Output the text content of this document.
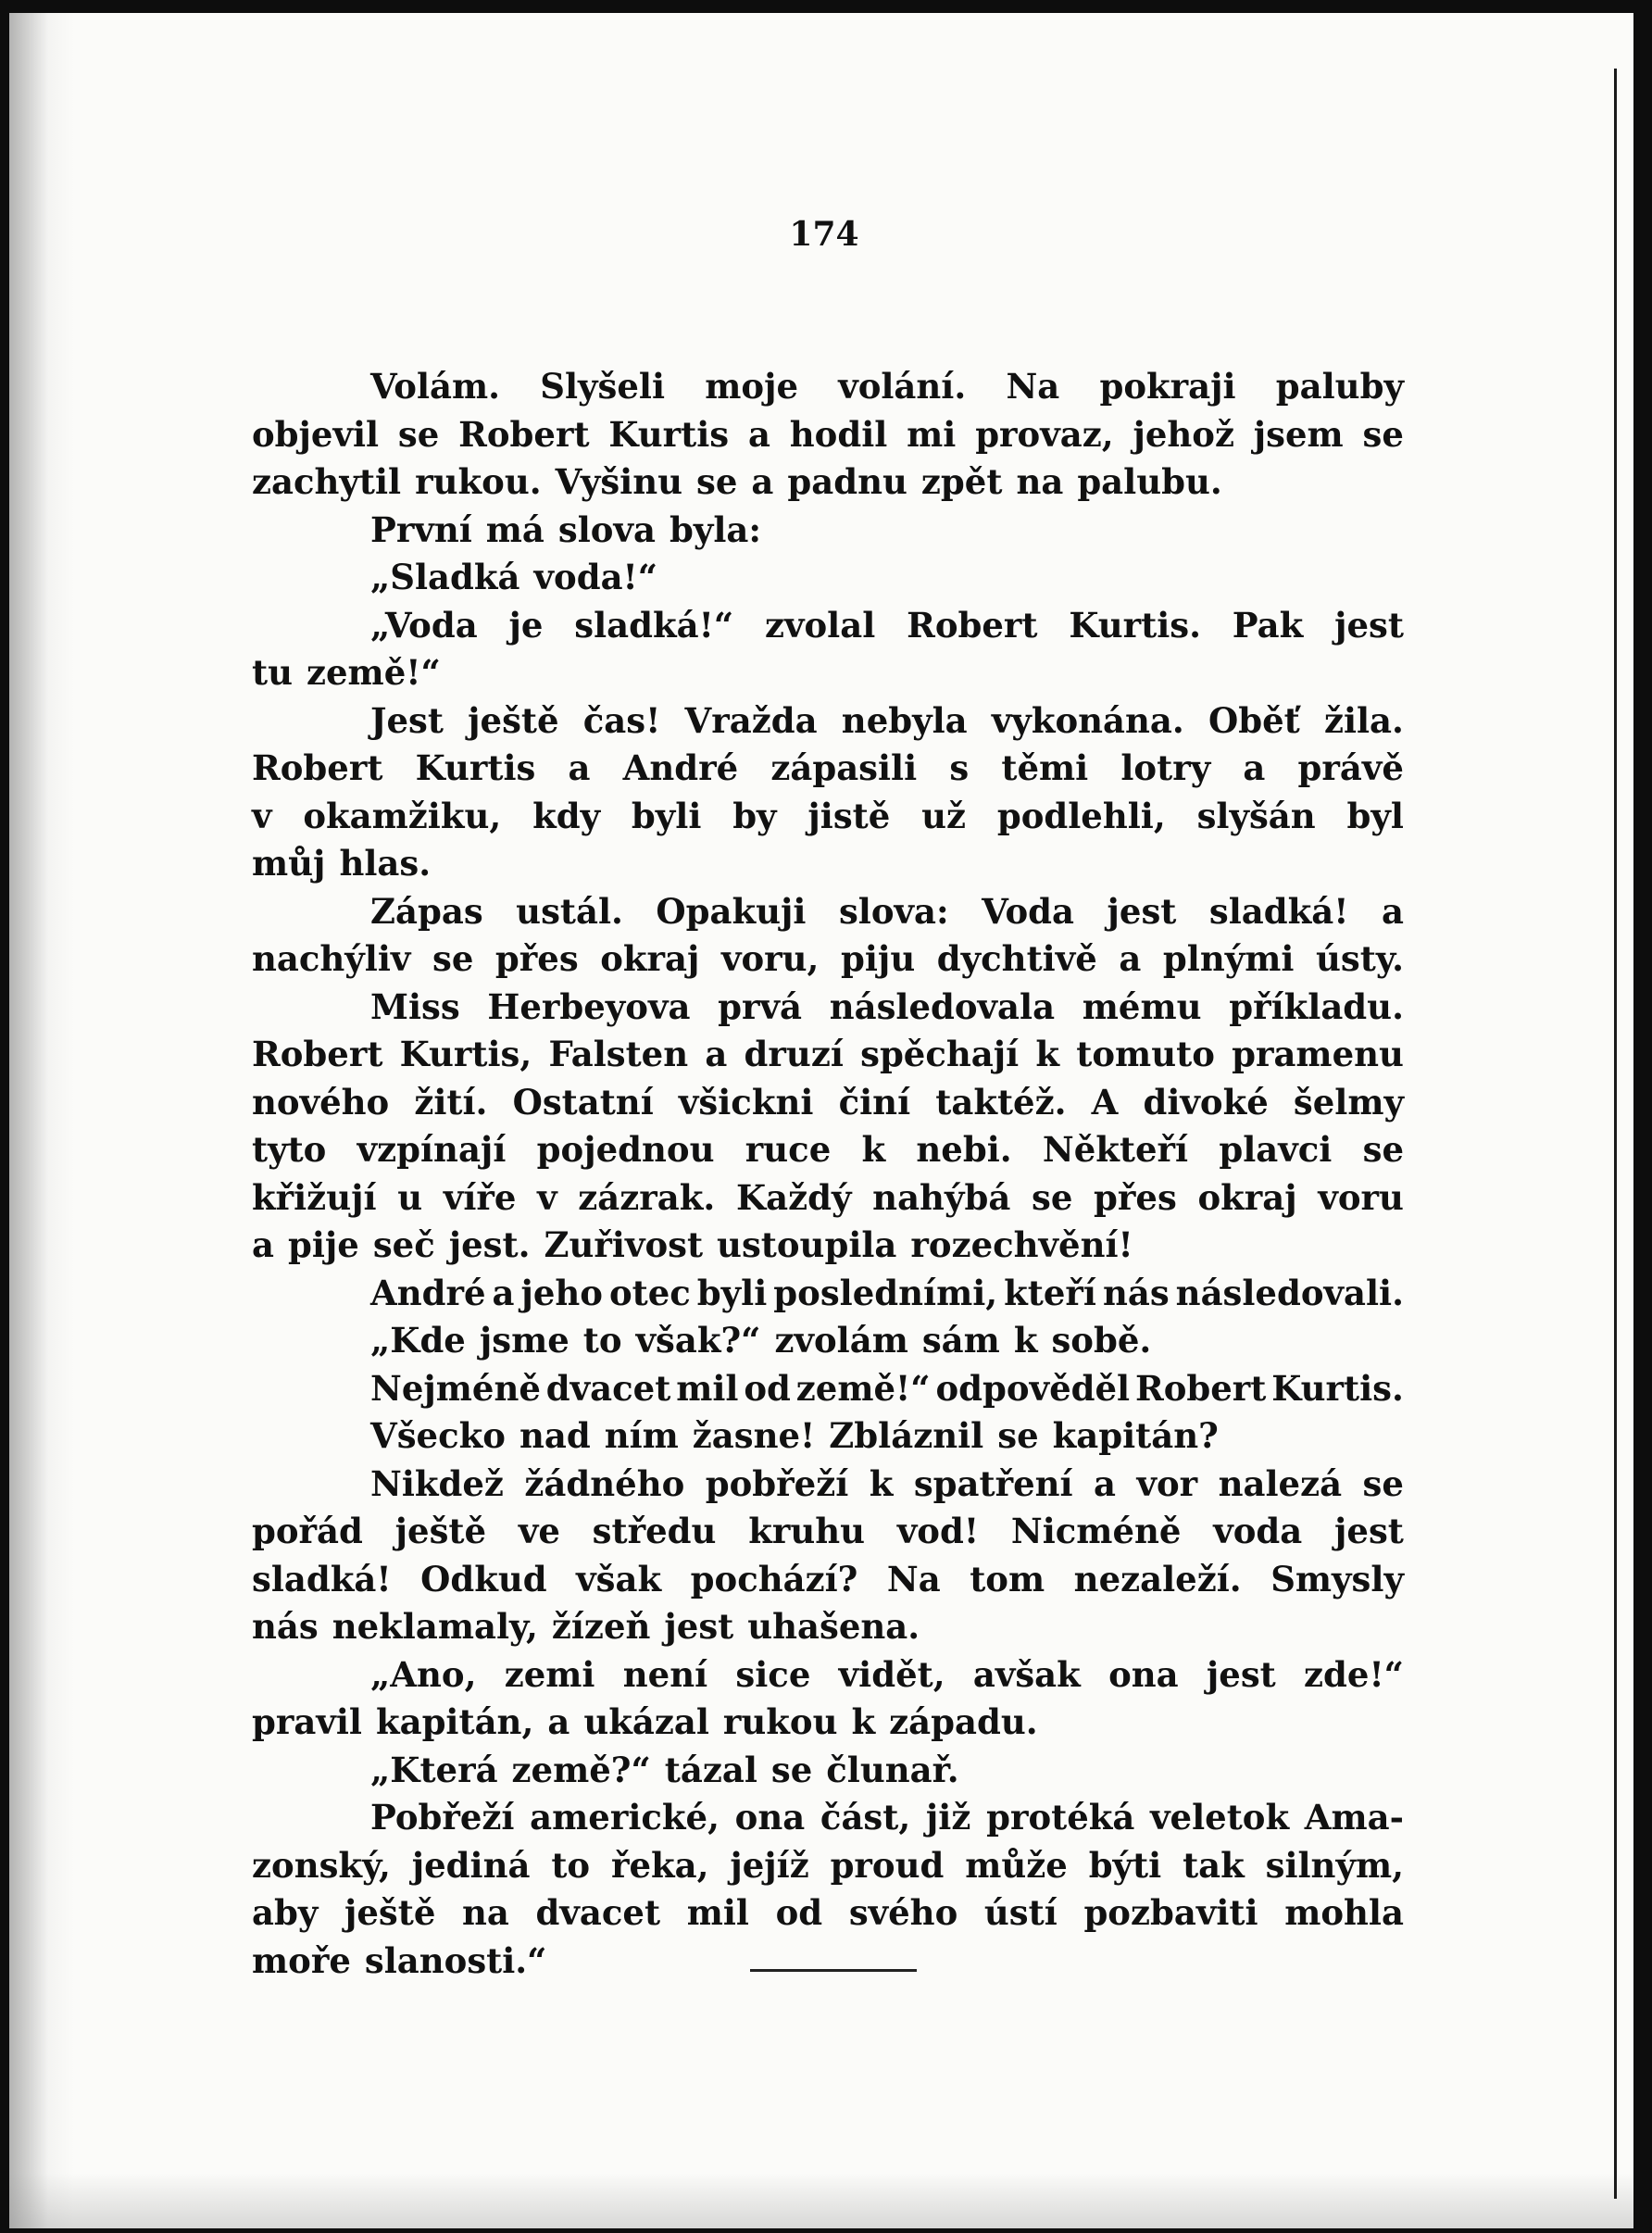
174
Volám. Slyšeli moje volání. Na pokraji paluby
objevil se Robert Kurtis a hodil mi provaz, jehož jsem se
zachytil rukou. Vyšinu se a padnu zpět na palubu.
První má slova byla:
„Sladká voda!“
„Voda je sladká!“ zvolal Robert Kurtis. Pak jest
tu země!“
Jest ještě čas! Vražda nebyla vykonána. Oběť žila.
Robert Kurtis a André zápasili s těmi lotry a právě
v okamžiku, kdy byli by jistě už podlehli, slyšán byl
můj hlas.
Zápas ustál. Opakuji slova: Voda jest sladká! a
nachýliv se přes okraj voru, piju dychtivě a plnými ústy.
Miss Herbeyova prvá následovala mému příkladu.
Robert Kurtis, Falsten a druzí spěchají k tomuto pramenu
nového žití. Ostatní všickni činí taktéž. A divoké šelmy
tyto vzpínají pojednou ruce k nebi. Někteří plavci se
křižují u víře v zázrak. Každý nahýbá se přes okraj voru
a pije seč jest. Zuřivost ustoupila rozechvění!
André a jeho otec byli posledními, kteří nás následovali.
„Kde jsme to však?“ zvolám sám k sobě.
Nejméně dvacet mil od země!“ odpověděl Robert Kurtis.
Všecko nad ním žasne! Zbláznil se kapitán?
Nikdež žádného pobřeží k spatření a vor nalezá se
pořád ještě ve středu kruhu vod! Nicméně voda jest
sladká! Odkud však pochází? Na tom nezaleží. Smysly
nás neklamaly, žízeň jest uhašena.
„Ano, zemi není sice vidět, avšak ona jest zde!“
pravil kapitán, a ukázal rukou k západu.
„Která země?“ tázal se člunař.
Pobřeží americké, ona část, již protéká veletok Ama-
zonský, jediná to řeka, jejíž proud může býti tak silným,
aby ještě na dvacet mil od svého ústí pozbaviti mohla
moře slanosti.“
